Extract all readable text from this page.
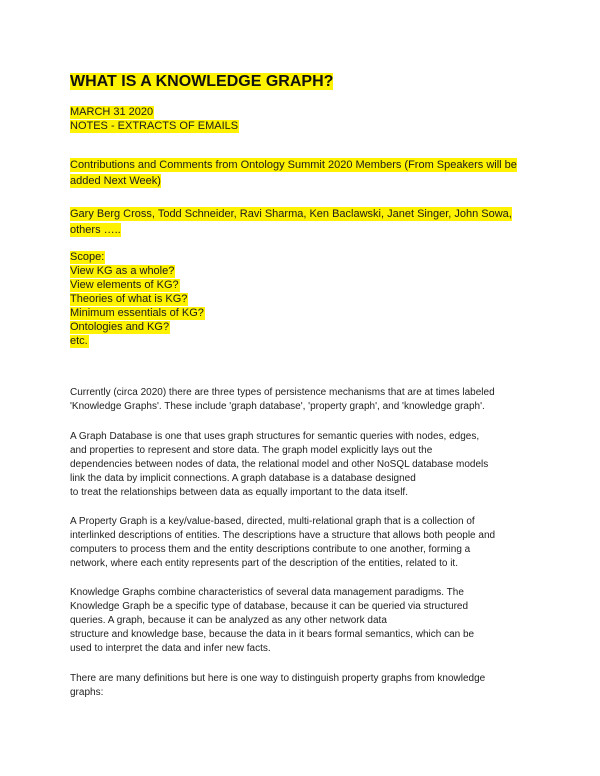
WHAT IS A KNOWLEDGE GRAPH?
MARCH 31 2020
NOTES - EXTRACTS OF EMAILS
Contributions and Comments from Ontology Summit 2020 Members (From Speakers will be added Next Week)
Gary Berg Cross, Todd Schneider, Ravi Sharma, Ken Baclawski, Janet Singer, John Sowa, others …..
Scope:
View KG as a whole?
View elements of KG?
Theories of what is KG?
Minimum essentials of KG?
Ontologies and KG?
etc.
Currently (circa 2020) there are three types of persistence mechanisms that are at times labeled
'Knowledge Graphs'. These include 'graph database', 'property graph', and 'knowledge graph'.
A Graph Database is one that uses graph structures for semantic queries with nodes, edges,
and properties to represent and store data. The graph model explicitly lays out the
dependencies between nodes of data, the relational model and other NoSQL database models
link the data by implicit connections. A graph database is a database designed
to treat the relationships between data as equally important to the data itself.
A Property Graph is a key/value-based, directed, multi-relational graph that is a collection of
interlinked descriptions of entities. The descriptions have a structure that allows both people and
computers to process them and the entity descriptions contribute to one another, forming a
network, where each entity represents part of the description of the entities, related to it.
Knowledge Graphs combine characteristics of several data management paradigms. The
Knowledge Graph be a specific type of database, because it can be queried via structured
queries. A graph, because it can be analyzed as any other network data
structure and knowledge base, because the data in it bears formal semantics, which can be
used to interpret the data and infer new facts.
There are many definitions but here is one way to distinguish property graphs from knowledge
graphs:
